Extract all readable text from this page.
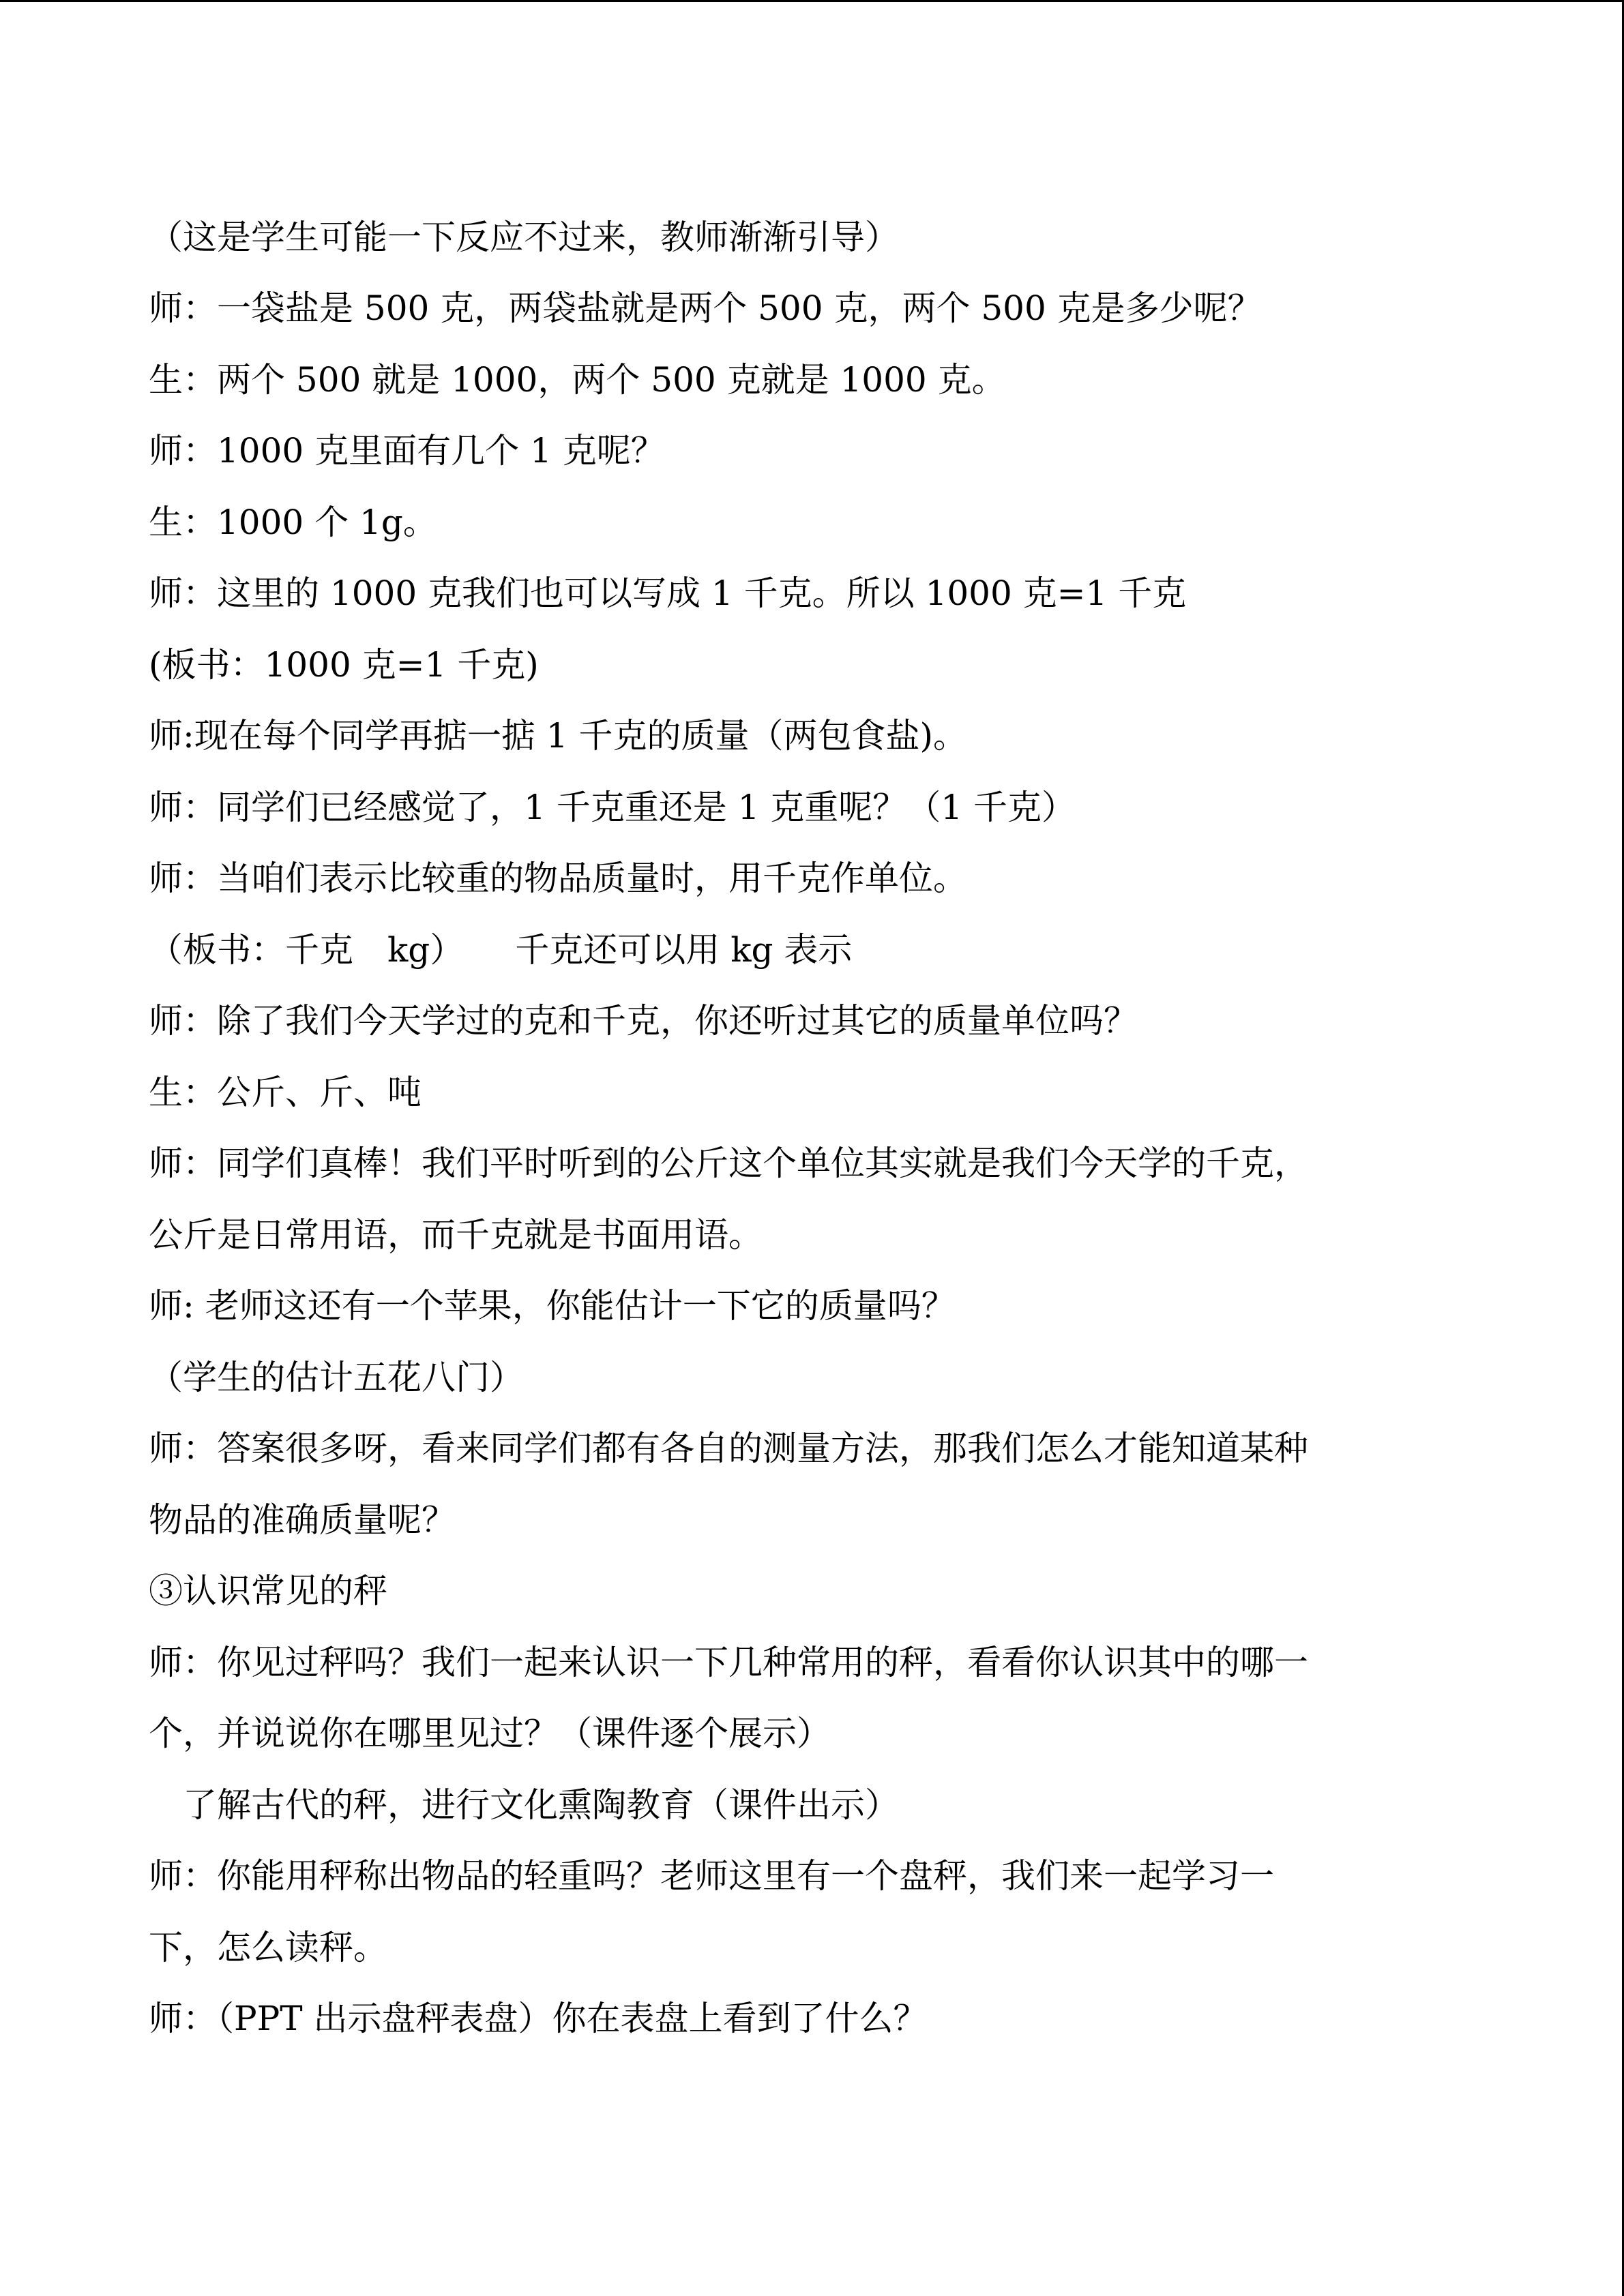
（这是学生可能一下反应不过来，教师渐渐引导）
师：一袋盐是 500 克，两袋盐就是两个 500 克，两个 500 克是多少呢？
生：两个 500 就是 1000，两个 500 克就是 1000 克。
师：1000 克里面有几个 1 克呢？
生：1000 个 1g。
师：这里的 1000 克我们也可以写成 1 千克。所以 1000 克=1 千克
(板书：1000 克=1 千克)
师:现在每个同学再掂一掂 1 千克的质量（两包食盐)。
师：同学们已经感觉了，1 千克重还是 1 克重呢？（1 千克）
师：当咱们表示比较重的物品质量时，用千克作单位。
（板书：千克　kg）　　千克还可以用 kg 表示
师：除了我们今天学过的克和千克，你还听过其它的质量单位吗？
生：公斤、斤、吨
师：同学们真棒！我们平时听到的公斤这个单位其实就是我们今天学的千克，
公斤是日常用语，而千克就是书面用语。
师: 老师这还有一个苹果，你能估计一下它的质量吗？
（学生的估计五花八门）
师：答案很多呀，看来同学们都有各自的测量方法，那我们怎么才能知道某种
物品的准确质量呢？
③认识常见的秤
师：你见过秤吗？我们一起来认识一下几种常用的秤，看看你认识其中的哪一
个，并说说你在哪里见过？（课件逐个展示）
　了解古代的秤，进行文化熏陶教育（课件出示）
师：你能用秤称出物品的轻重吗？老师这里有一个盘秤，我们来一起学习一
下，怎么读秤。
师：（PPT 出示盘秤表盘）你在表盘上看到了什么？
